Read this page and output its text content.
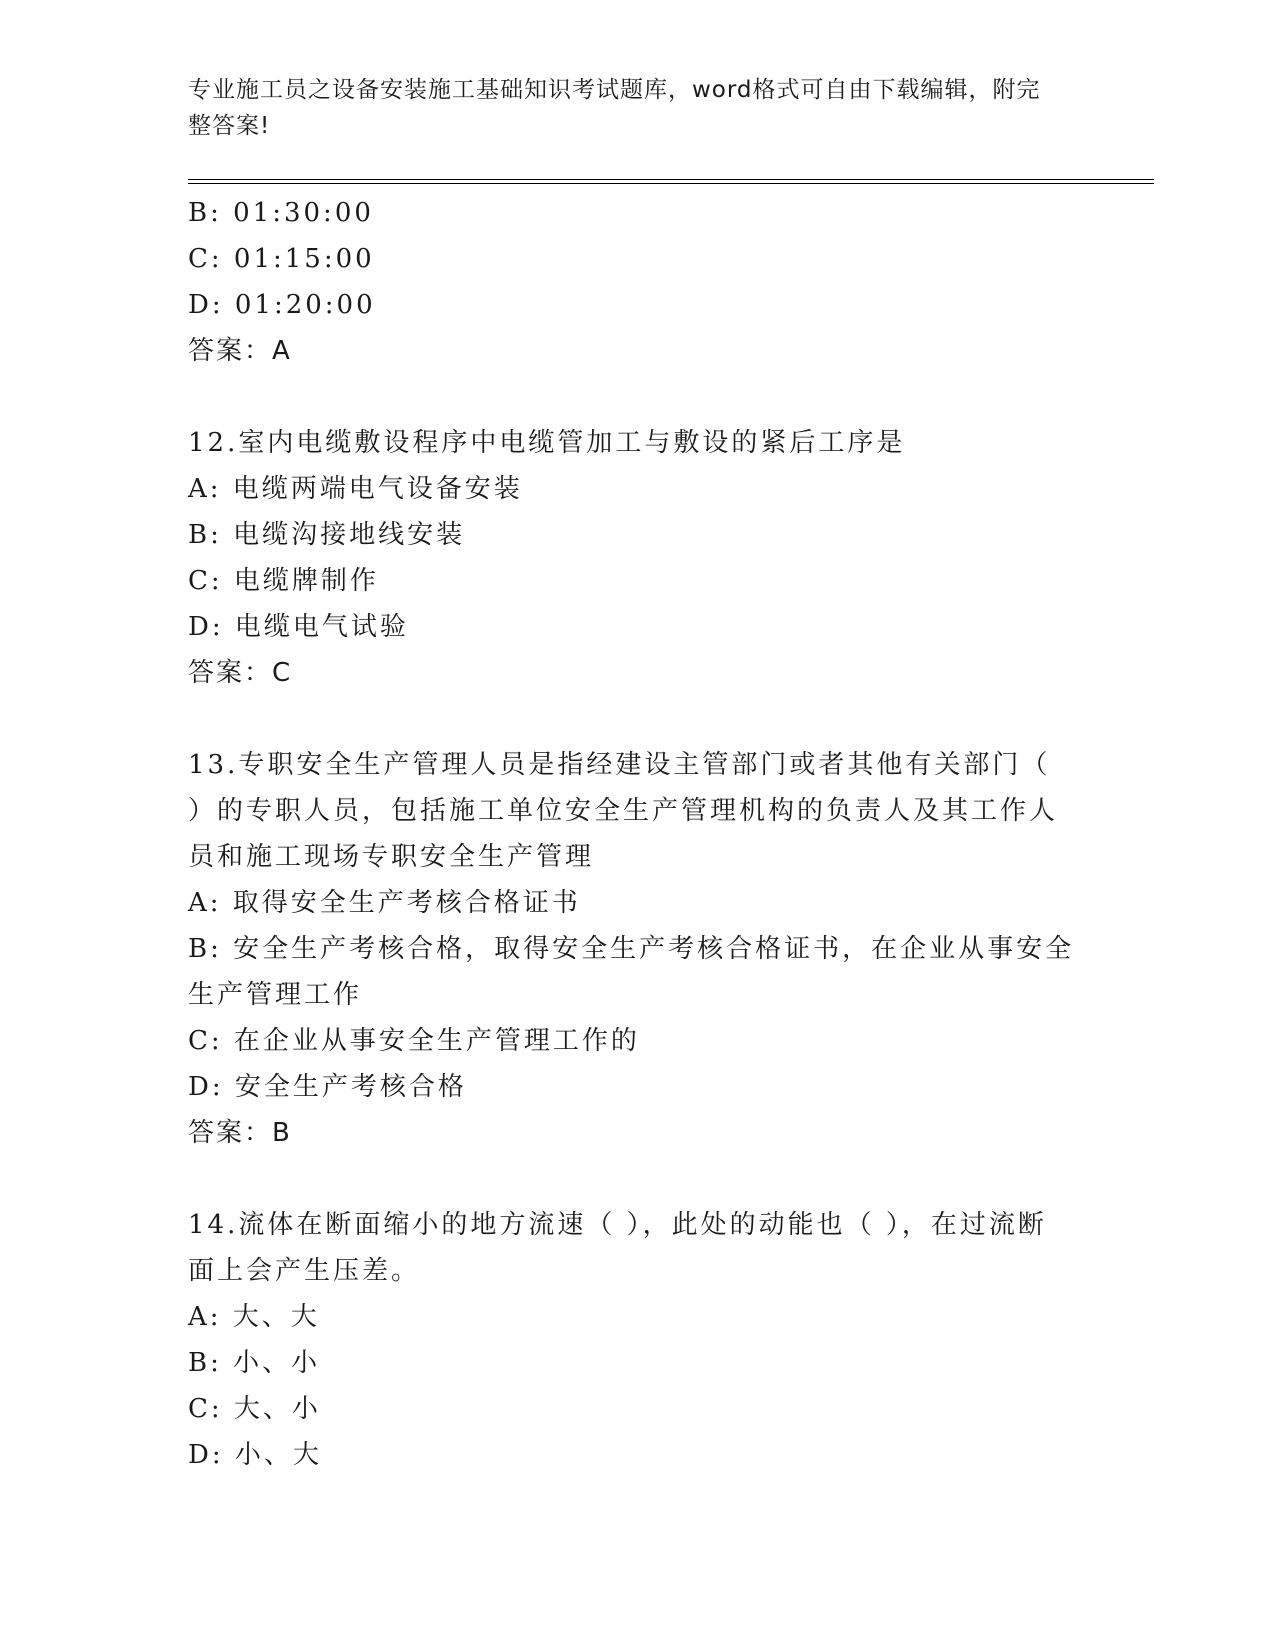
专业施工员之设备安装施工基础知识考试题库，word格式可自由下载编辑，附完
整答案!
B: 01:30:00
C: 01:15:00
D: 01:20:00
答案：A
12.室内电缆敷设程序中电缆管加工与敷设的紧后工序是
A: 电缆两端电气设备安装
B: 电缆沟接地线安装
C: 电缆牌制作
D: 电缆电气试验
答案：C
13.专职安全生产管理人员是指经建设主管部门或者其他有关部门（
）的专职人员，包括施工单位安全生产管理机构的负责人及其工作人
员和施工现场专职安全生产管理
A: 取得安全生产考核合格证书
B: 安全生产考核合格，取得安全生产考核合格证书，在企业从事安全
生产管理工作
C: 在企业从事安全生产管理工作的
D: 安全生产考核合格
答案：B
14.流体在断面缩小的地方流速（ ），此处的动能也（ ），在过流断
面上会产生压差。
A: 大、大
B: 小、小
C: 大、小
D: 小、大
